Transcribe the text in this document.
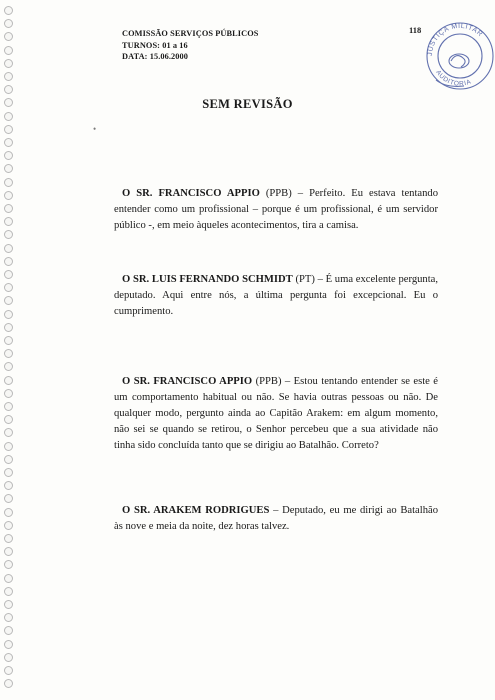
COMISSÃO SERVIÇOS PÚBLICOS
TURNOS: 01 a 16
DATA: 15.06.2000
118
JUSTIÇA MILITAR
AUDITORIA
SEM REVISÃO
O SR. FRANCISCO APPIO (PPB) – Perfeito. Eu estava tentando entender como um profissional – porque é um profissional, é um servidor público -, em meio àqueles acontecimentos, tira a camisa.
O SR. LUIS FERNANDO SCHMIDT (PT) – É uma excelente pergunta, deputado. Aqui entre nós, a última pergunta foi excepcional. Eu o cumprimento.
O SR. FRANCISCO APPIO (PPB) – Estou tentando entender se este é um comportamento habitual ou não. Se havia outras pessoas ou não. De qualquer modo, pergunto ainda ao Capitão Arakem: em algum momento, não sei se quando se retirou, o Senhor percebeu que a sua atividade não tinha sido concluída tanto que se dirigiu ao Batalhão. Correto?
O SR. ARAKEM RODRIGUES – Deputado, eu me dirigi ao Batalhão às nove e meia da noite, dez horas talvez.
•
